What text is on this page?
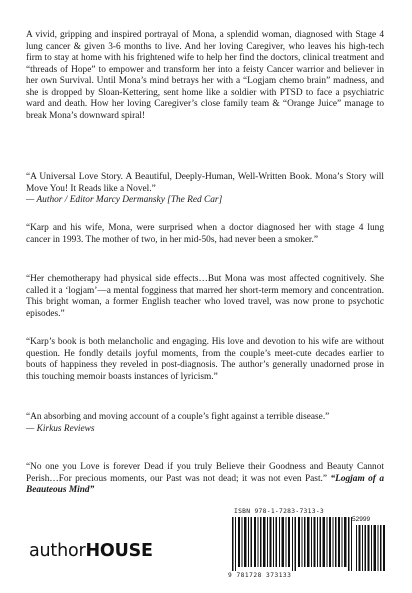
A vivid, gripping and inspired portrayal of Mona, a splendid woman, diagnosed with Stage 4 lung cancer & given 3-6 months to live. And her loving Caregiver, who leaves his high-tech firm to stay at home with his frightened wife to help her find the doctors, clinical treatment and “threads of Hope” to empower and transform her into a feisty Cancer warrior and believer in her own Survival. Until Mona’s mind betrays her with a “Logjam chemo brain” madness, and she is dropped by Sloan-Kettering, sent home like a soldier with PTSD to face a psychiatric ward and death. How her loving Caregiver’s close family team & “Orange Juice” manage to break Mona’s downward spiral!

“A Universal Love Story. A Beautiful, Deeply-Human, Well-Written Book. Mona’s Story will Move You! It Reads like a Novel.”

— Author / Editor Marcy Dermansky [The Red Car]

“Karp and his wife, Mona, were surprised when a doctor diagnosed her with stage 4 lung cancer in 1993. The mother of two, in her mid-50s, had never been a smoker.”

“Her chemotherapy had physical side effects…But Mona was most affected cognitively. She called it a ‘logjam’—a mental fogginess that marred her short-term memory and concentration. This bright woman, a former English teacher who loved travel, was now prone to psychotic episodes.”

“Karp’s book is both melancholic and engaging. His love and devotion to his wife are without question. He fondly details joyful moments, from the couple’s meet-cute decades earlier to bouts of happiness they reveled in post-diagnosis. The author’s generally unadorned prose in this touching memoir boasts instances of lyricism.”

“An absorbing and moving account of a couple’s fight against a terrible disease.”

— Kirkus Reviews

“No one you Love is forever Dead if you truly Believe their Goodness and Beauty Cannot Perish…For precious moments, our Past was not dead; it was not even Past.” “Logjam of a Beauteous Mind”

authorHOUSE
ISBN 978-1-7283-7313-3
52999
9 781728 373133
